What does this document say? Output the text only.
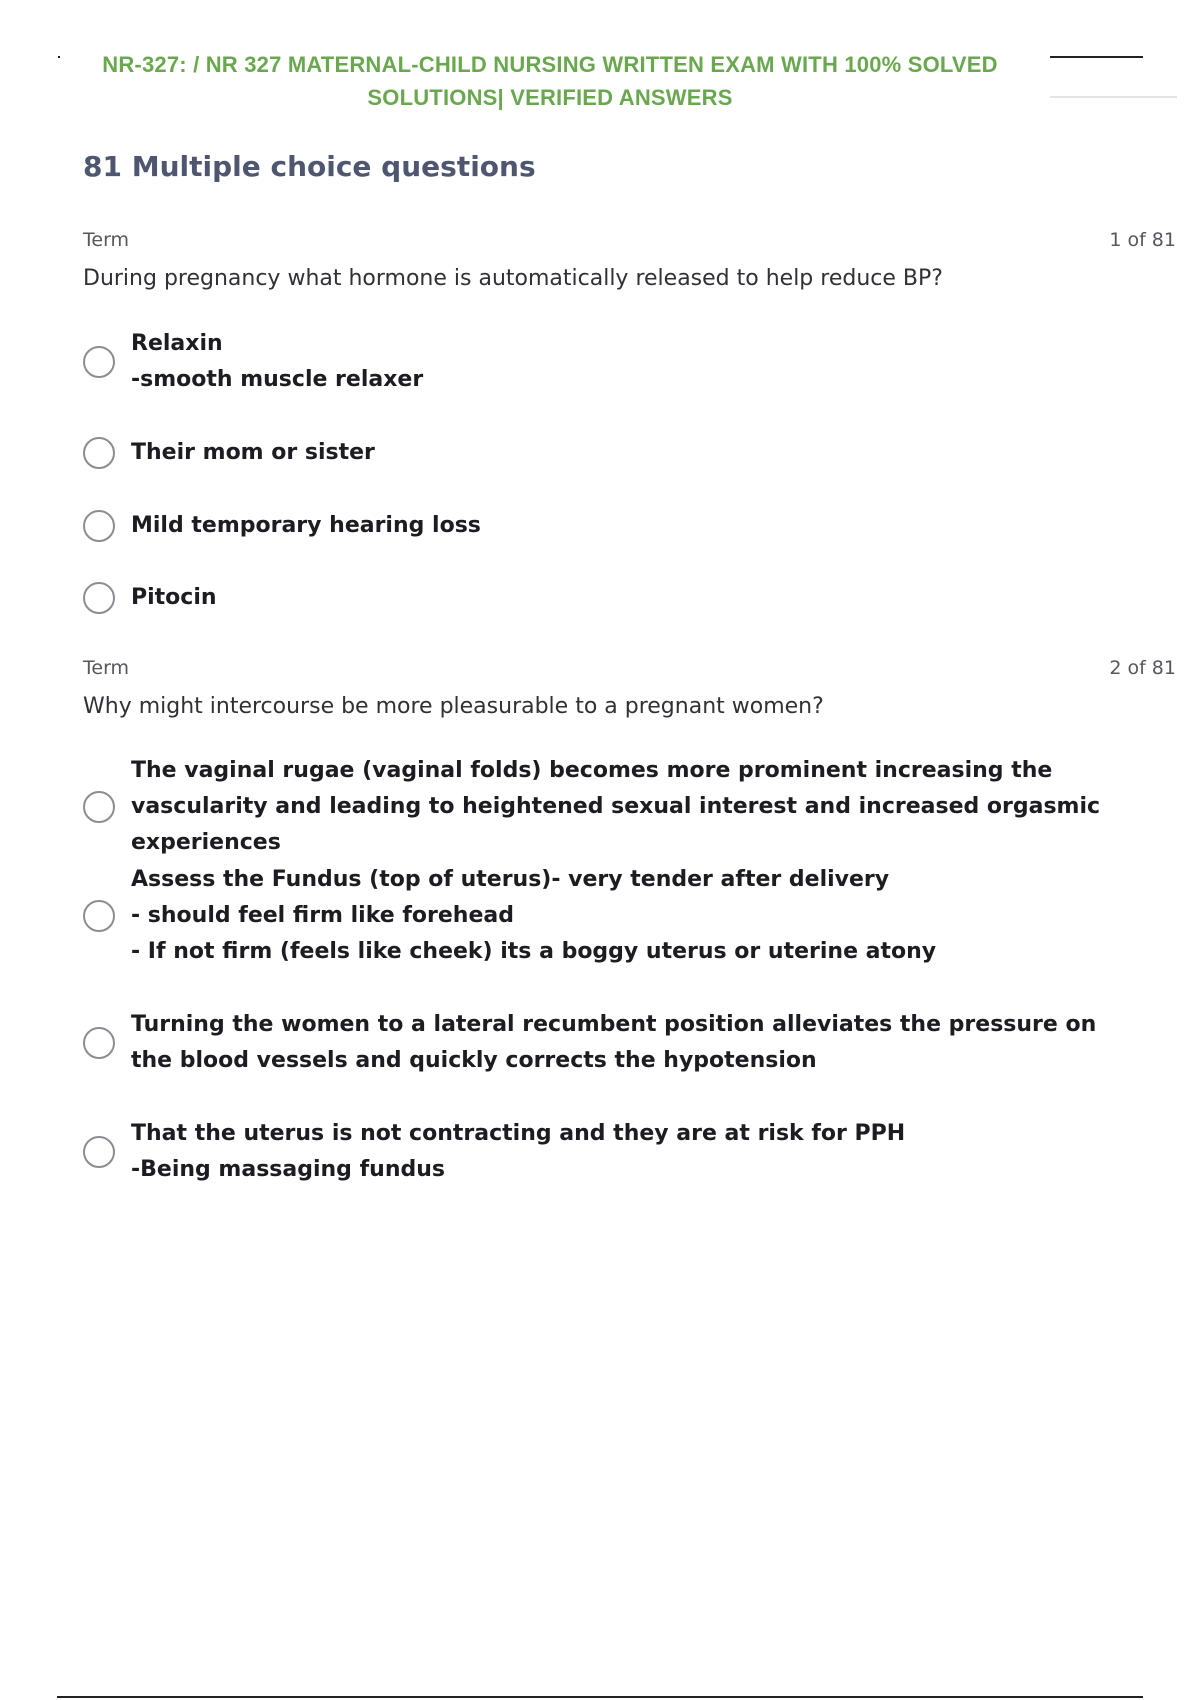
NR-327: / NR 327 MATERNAL-CHILD NURSING WRITTEN EXAM WITH 100% SOLVED SOLUTIONS| VERIFIED ANSWERS
81 Multiple choice questions
Term	1 of 81
During pregnancy what hormone is automatically released to help reduce BP?
Relaxin
-smooth muscle relaxer
Their mom or sister
Mild temporary hearing loss
Pitocin
Term	2 of 81
Why might intercourse be more pleasurable to a pregnant women?
The vaginal rugae (vaginal folds) becomes more prominent increasing the vascularity and leading to heightened sexual interest and increased orgasmic experiences
Assess the Fundus (top of uterus)- very tender after delivery
- should feel firm like forehead
- If not firm (feels like cheek) its a boggy uterus or uterine atony
Turning the women to a lateral recumbent position alleviates the pressure on the blood vessels and quickly corrects the hypotension
That the uterus is not contracting and they are at risk for PPH
-Being massaging fundus
